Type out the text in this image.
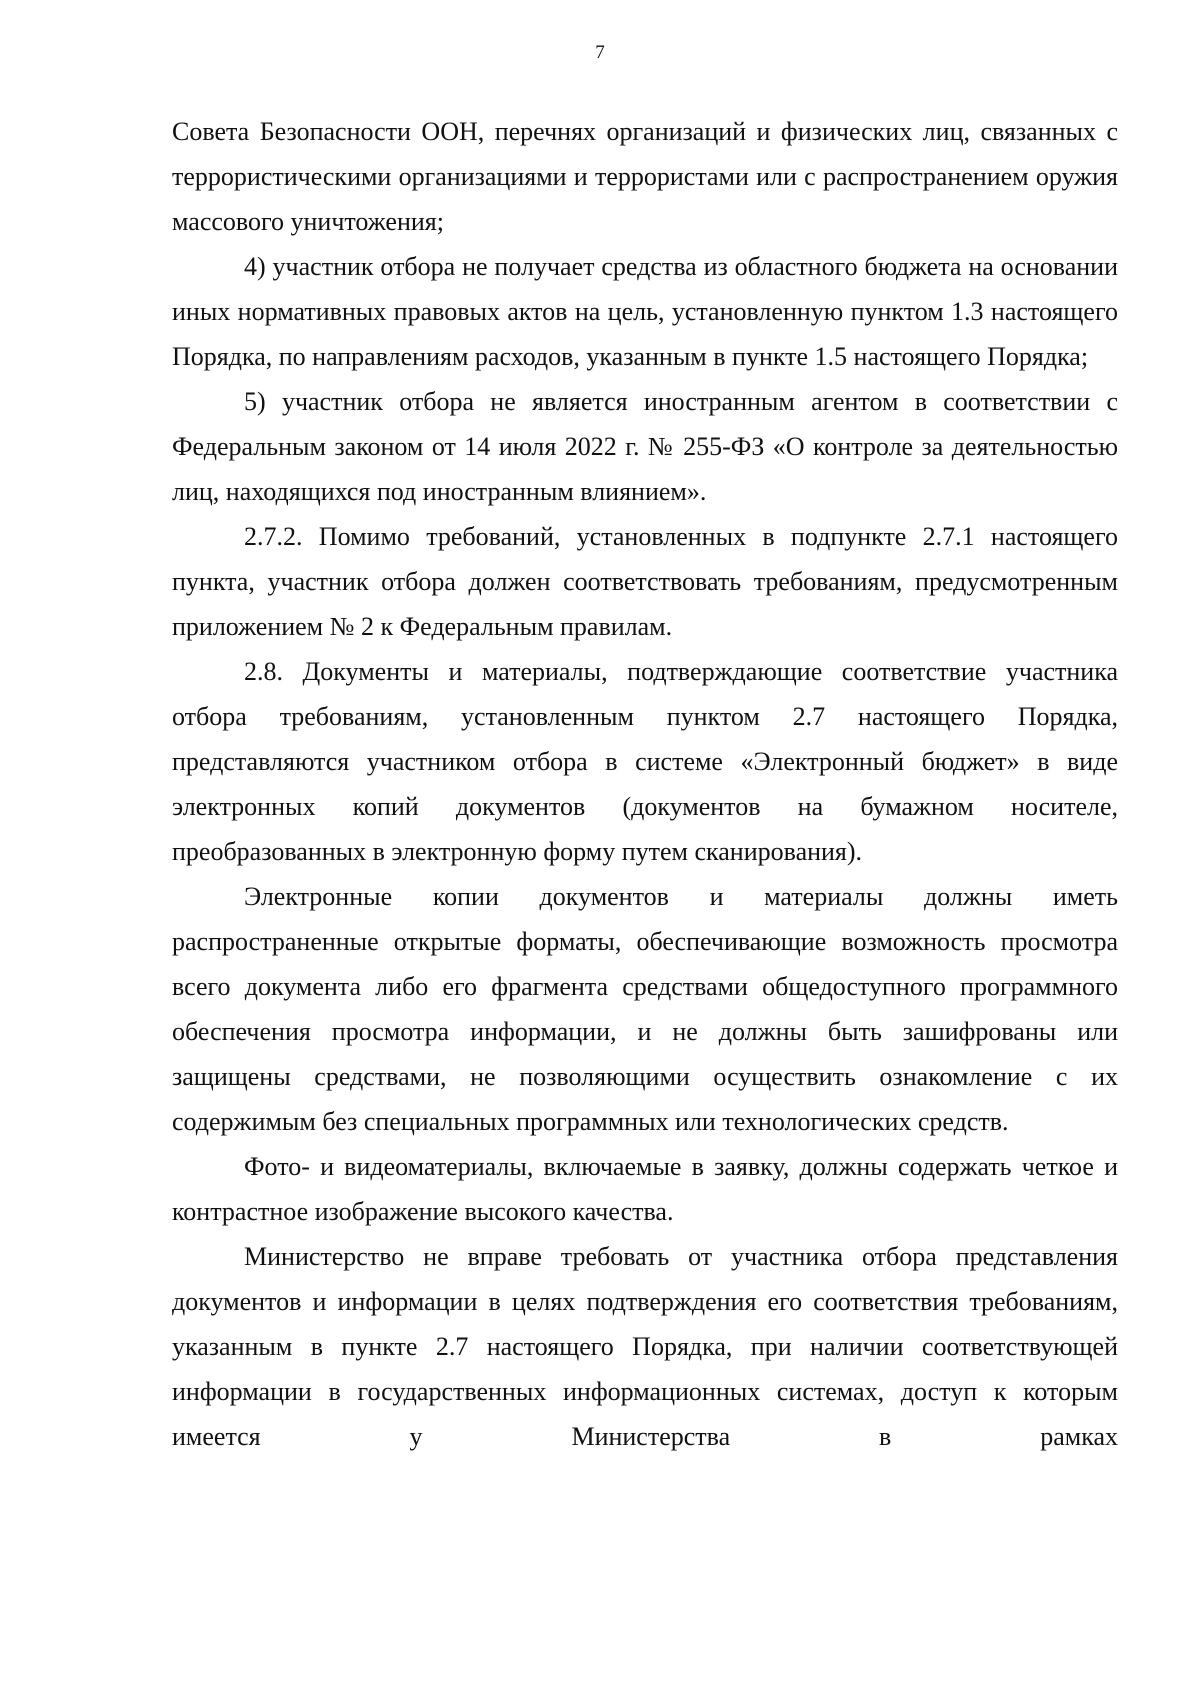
7

Совета Безопасности ООН, перечнях организаций и физических лиц, связанных с террористическими организациями и террористами или с распространением оружия массового уничтожения;

4) участник отбора не получает средства из областного бюджета на основании иных нормативных правовых актов на цель, установленную пунктом 1.3 настоящего Порядка, по направлениям расходов, указанным в пункте 1.5 настоящего Порядка;

5) участник отбора не является иностранным агентом в соответствии с Федеральным законом от 14 июля 2022 г. № 255-ФЗ «О контроле за деятельностью лиц, находящихся под иностранным влиянием».

2.7.2. Помимо требований, установленных в подпункте 2.7.1 настоящего пункта, участник отбора должен соответствовать требованиям, предусмотренным приложением № 2 к Федеральным правилам.

2.8. Документы и материалы, подтверждающие соответствие участника отбора требованиям, установленным пунктом 2.7 настоящего Порядка, представляются участником отбора в системе «Электронный бюджет» в виде электронных копий документов (документов на бумажном носителе, преобразованных в электронную форму путем сканирования).

Электронные копии документов и материалы должны иметь распространенные открытые форматы, обеспечивающие возможность просмотра всего документа либо его фрагмента средствами общедоступного программного обеспечения просмотра информации, и не должны быть зашифрованы или защищены средствами, не позволяющими осуществить ознакомление с их содержимым без специальных программных или технологических средств.

Фото- и видеоматериалы, включаемые в заявку, должны содержать четкое и контрастное изображение высокого качества.

Министерство не вправе требовать от участника отбора представления документов и информации в целях подтверждения его соответствия требованиям, указанным в пункте 2.7 настоящего Порядка, при наличии соответствующей информации в государственных информационных системах, доступ к которым имеется у Министерства в рамках
